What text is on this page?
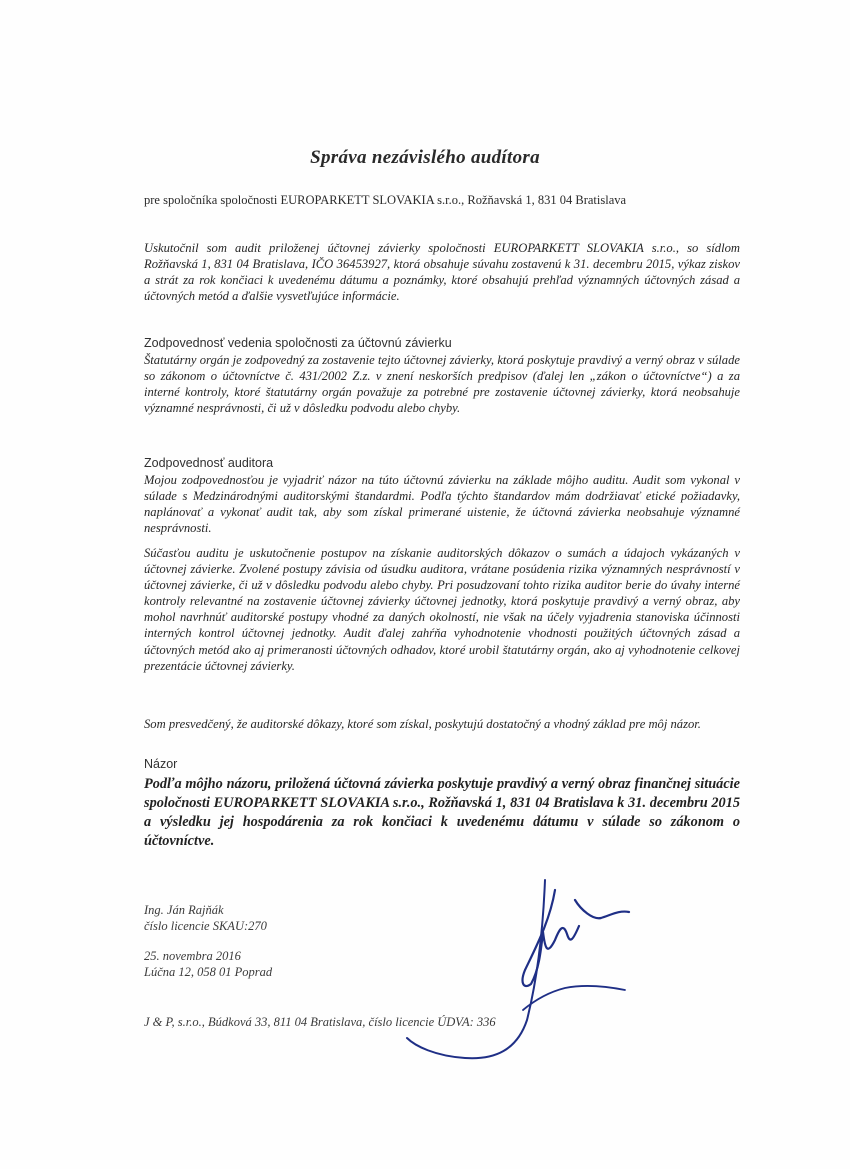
Správa nezávislého audítora
pre spoločníka spoločnosti EUROPARKETT SLOVAKIA s.r.o., Rožňavská 1, 831 04 Bratislava
Uskutočnil som audit priloženej účtovnej závierky spoločnosti EUROPARKETT SLOVAKIA s.r.o., so sídlom Rožňavská 1, 831 04 Bratislava, IČO 36453927, ktorá obsahuje súvahu zostavenú k 31. decembru 2015, výkaz ziskov a strát za rok končiaci k uvedenému dátumu a poznámky, ktoré obsahujú prehľad významných účtovných zásad a účtovných metód a ďalšie vysvetľujúce informácie.
Zodpovednosť vedenia spoločnosti za účtovnú závierku
Štatutárny orgán je zodpovedný za zostavenie tejto účtovnej závierky, ktorá poskytuje pravdivý a verný obraz v súlade so zákonom o účtovníctve č. 431/2002 Z.z. v znení neskorších predpisov (ďalej len „zákon o účtovníctve“) a za interné kontroly, ktoré štatutárny orgán považuje za potrebné pre zostavenie účtovnej závierky, ktorá neobsahuje významné nesprávnosti, či už v dôsledku podvodu alebo chyby.
Zodpovednosť auditora
Mojou zodpovednosťou je vyjadriť názor na túto účtovnú závierku na základe môjho auditu. Audit som vykonal v súlade s Medzinárodnými auditorskými štandardmi. Podľa týchto štandardov mám dodržiavať etické požiadavky, naplánovať a vykonať audit tak, aby som získal primerané uistenie, že účtovná závierka neobsahuje významné nesprávnosti.
Súčasťou auditu je uskutočnenie postupov na získanie auditorských dôkazov o sumách a údajoch vykázaných v účtovnej závierke. Zvolené postupy závisia od úsudku auditora, vrátane posúdenia rizika významných nesprávností v účtovnej závierke, či už v dôsledku podvodu alebo chyby. Pri posudzovaní tohto rizika auditor berie do úvahy interné kontroly relevantné na zostavenie účtovnej závierky účtovnej jednotky, ktorá poskytuje pravdivý a verný obraz, aby mohol navrhnúť auditorské postupy vhodné za daných okolností, nie však na účely vyjadrenia stanoviska účinnosti interných kontrol účtovnej jednotky. Audit ďalej zahŕňa vyhodnotenie vhodnosti použitých účtovných zásad a účtovných metód ako aj primeranosti účtovných odhadov, ktoré urobil štatutárny orgán, ako aj vyhodnotenie celkovej prezentácie účtovnej závierky.
Som presvedčený, že auditorské dôkazy, ktoré som získal, poskytujú dostatočný a vhodný základ pre môj názor.
Názor
Podľa môjho názoru, priložená účtovná závierka poskytuje pravdivý a verný obraz finančnej situácie spoločnosti EUROPARKETT SLOVAKIA s.r.o., Rožňavská 1, 831 04 Bratislava k 31. decembru 2015 a výsledku jej hospodárenia za rok končiaci k uvedenému dátumu v súlade so zákonom o účtovníctve.
Ing. Ján Rajňák
číslo licencie SKAU:270
25. novembra 2016
Lúčna 12, 058 01 Poprad
J & P, s.r.o., Búdková 33, 811 04 Bratislava, číslo licencie ÚDVA: 336
